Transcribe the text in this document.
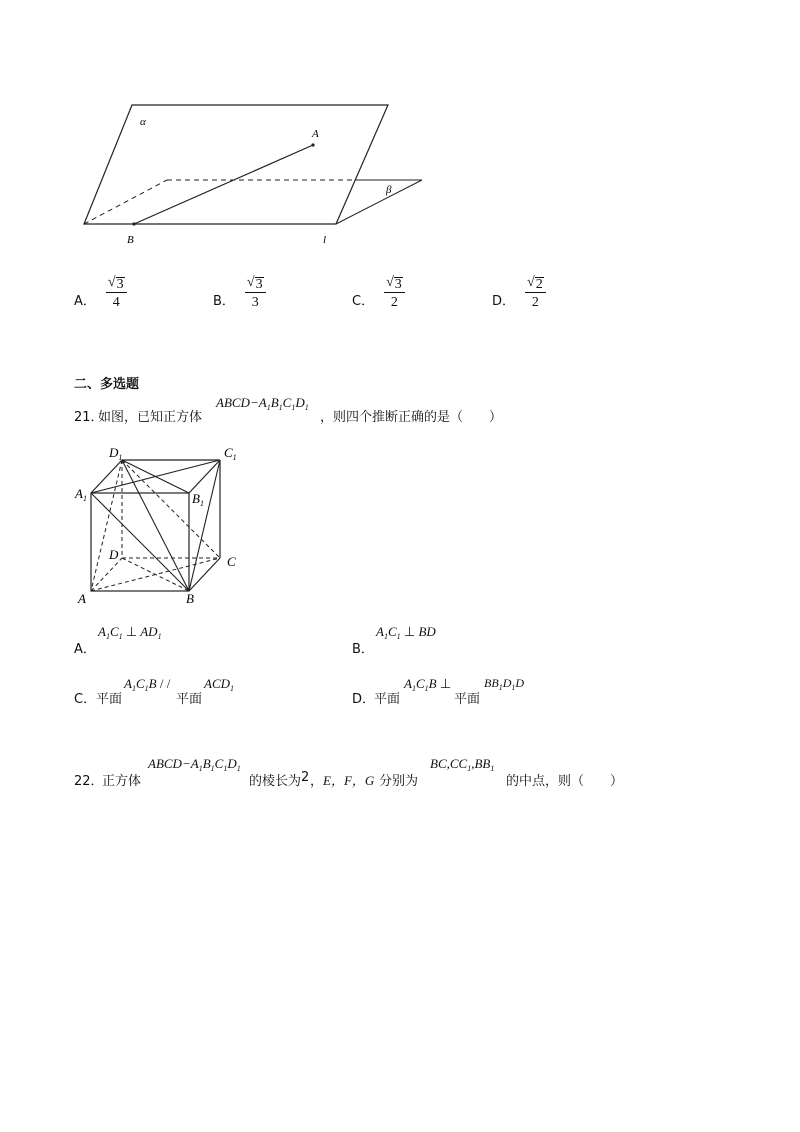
α
β
A
B	l
A． $\frac{√ 3}{4}$	B． $\frac{√ 3}{3}$	C． $\frac{√ 3}{2}$	D． $\frac{√ 2}{2}$
二、多选题
21．
如图，已知正方体
$ABCD-A_1B_1C_1D_1$
，则四个推断正确的是（　　）
$D_1$	$C_1$
$A_1$	$B_1$
D	C
A	B
A．
$A_1C_1$ ⊥ $AD_1$
B．
$A_1C_1$ ⊥ BD
C． 平面
$A_1C_1B$ / /
平面
$ACD_1$
D．
平面
$A_1C_1B$ ⊥
平面
$BB_1D_1D$
22．
正方体
$ABCD-A_1B_1C_1D_1$
的棱长为 2 ， E，F，G 分别为
$BC,CC_1,BB_1$
的中点，则（　　）
